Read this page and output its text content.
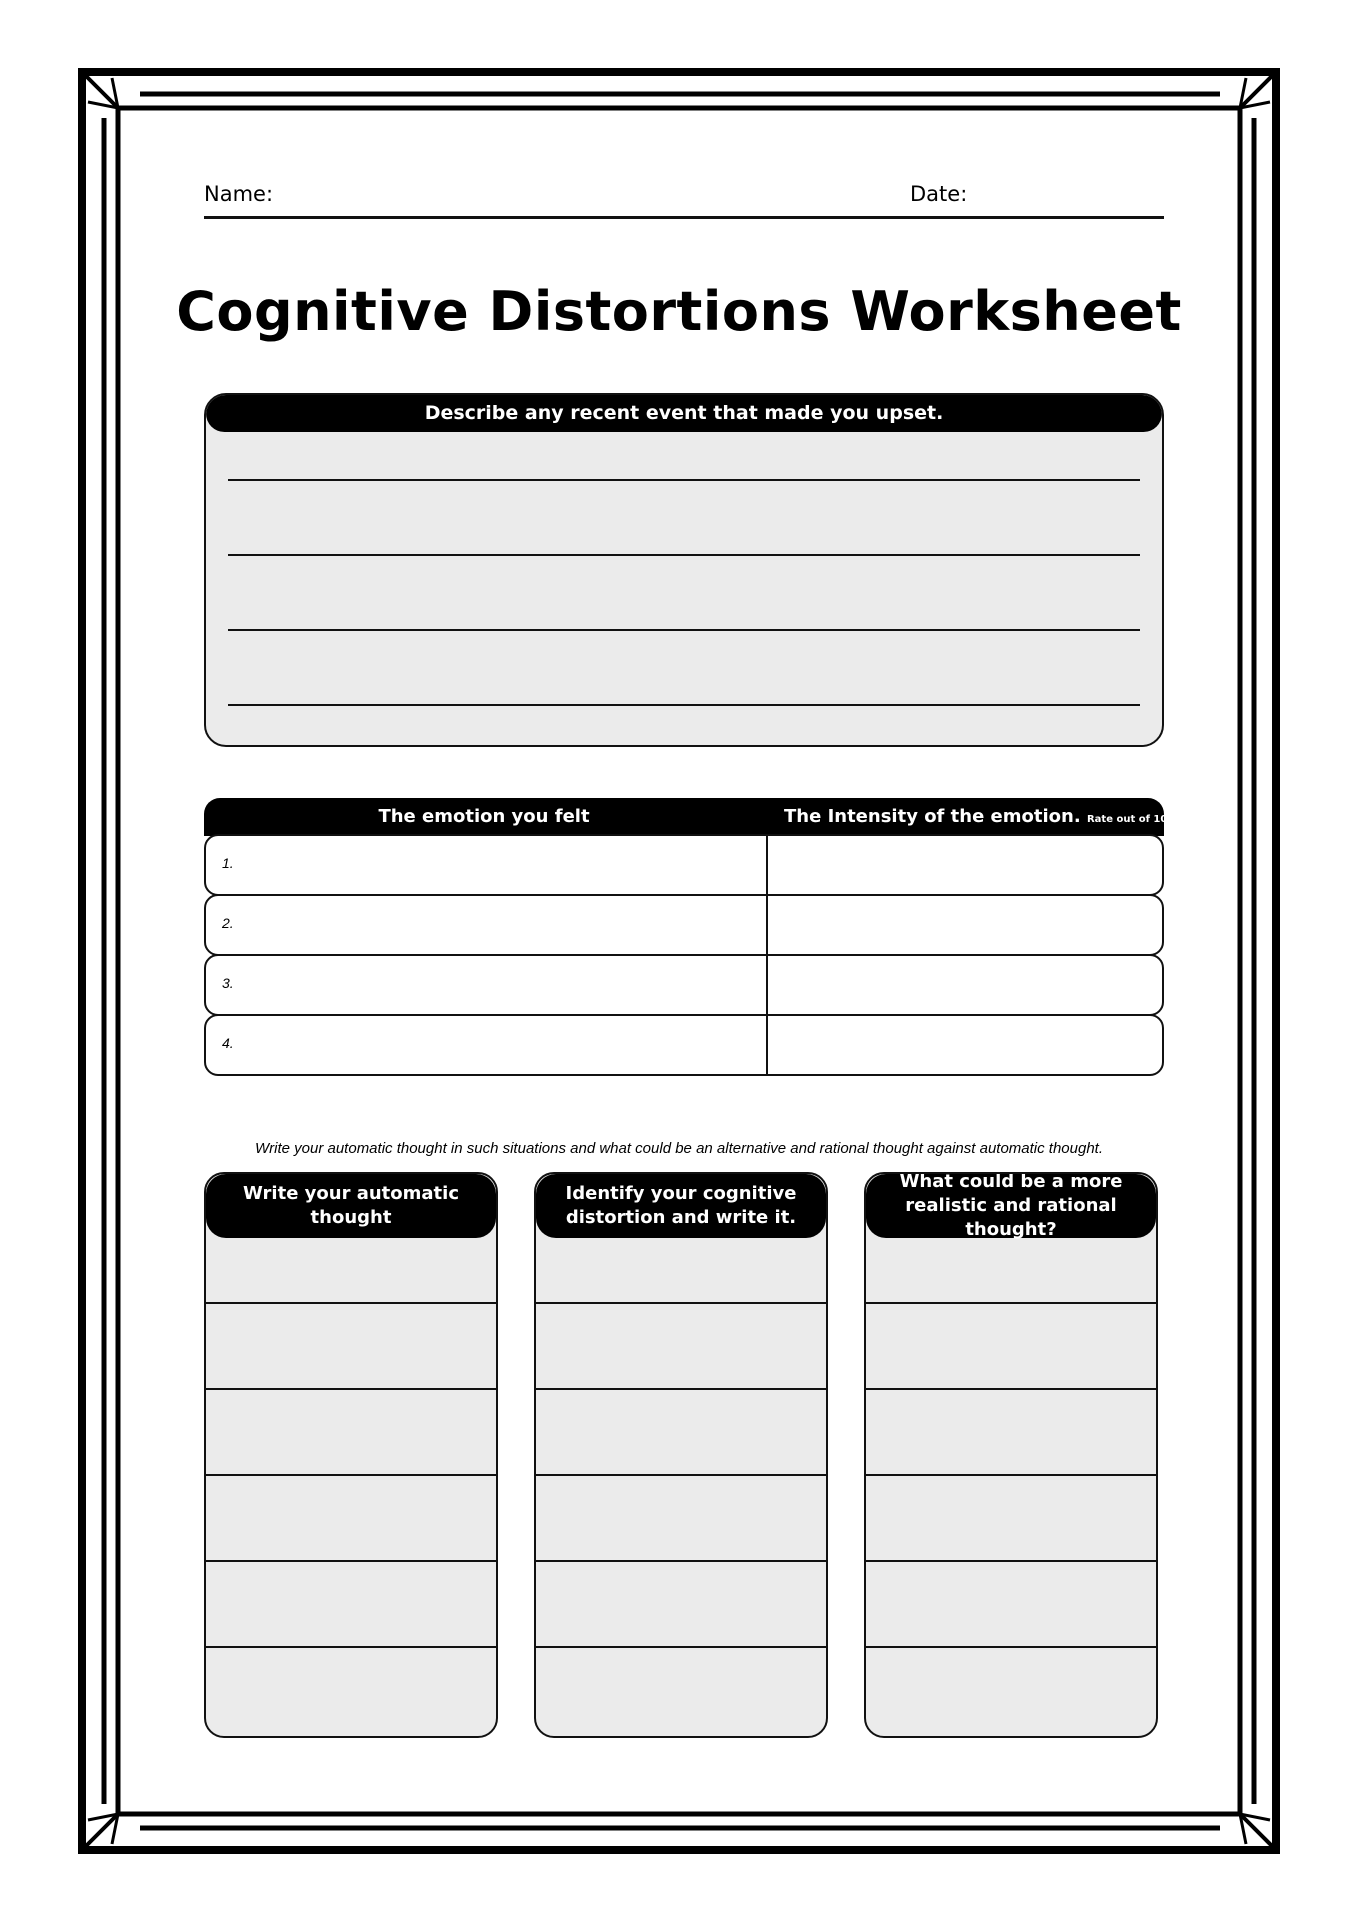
Name:	Date:
Cognitive Distortions Worksheet
Describe any recent event that made you upset.
The emotion you felt	The Intensity of the emotion. Rate out of 100
1.
2.
3.
4.
Write your automatic thought in such situations and what could be an alternative and rational thought against automatic thought.
Write your automatic thought
Identify your cognitive distortion and write it.
What could be a more realistic and rational thought?
